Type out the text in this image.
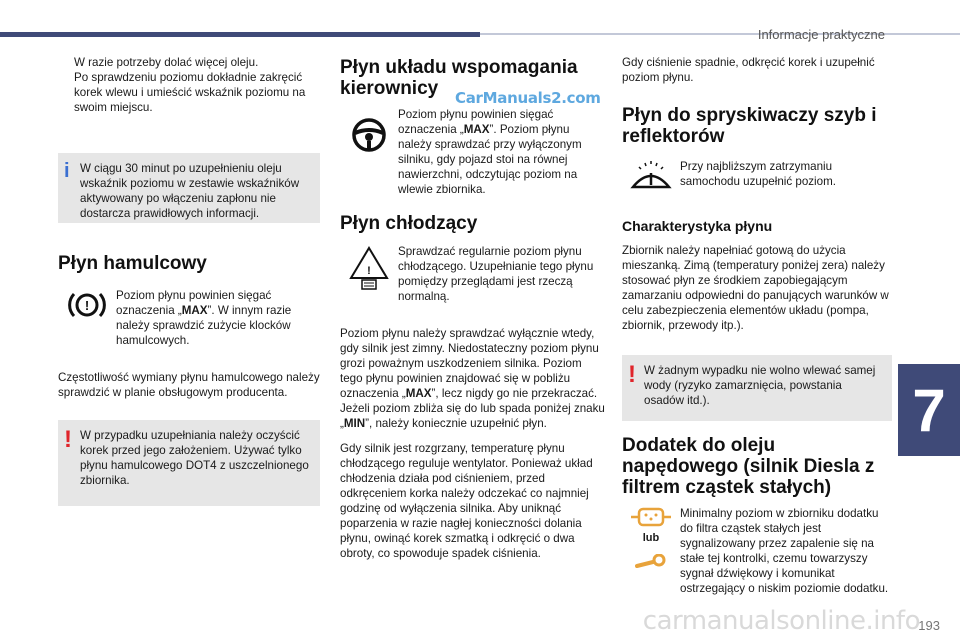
Informacje praktyczne
W razie potrzeby dolać więcej oleju.
Po sprawdzeniu poziomu dokładnie zakręcić korek wlewu i umieścić wskaźnik poziomu na swoim miejscu.
i W ciągu 30 minut po uzupełnieniu oleju wskaźnik poziomu w zestawie wskaźników aktywowany po włączeniu zapłonu nie dostarcza prawidłowych informacji.
Płyn hamulcowy
!
Poziom płynu powinien sięgać oznaczenia „MAX”. W innym razie należy sprawdzić zużycie klocków hamulcowych.
Częstotliwość wymiany płynu hamulcowego należy sprawdzić w planie obsługowym producenta.
! W przypadku uzupełniania należy oczyścić korek przed jego założeniem. Używać tylko płynu hamulcowego DOT4 z uszczelnionego zbiornika.
Płyn układu wspomagania kierownicy
Poziom płynu powinien sięgać oznaczenia „MAX”. Poziom płynu należy sprawdzać przy wyłączonym silniku, gdy pojazd stoi na równej nawierzchni, odczytując poziom na wlewie zbiornika.
Płyn chłodzący
!
Sprawdzać regularnie poziom płynu chłodzącego. Uzupełnianie tego płynu pomiędzy przeglądami jest rzeczą normalną.
Poziom płynu należy sprawdzać wyłącznie wtedy, gdy silnik jest zimny. Niedostateczny poziom płynu grozi poważnym uszkodzeniem silnika. Poziom tego płynu powinien znajdować się w pobliżu oznaczenia „MAX”, lecz nigdy go nie przekraczać. Jeżeli poziom zbliża się do lub spada poniżej znaku „MIN”, należy koniecznie uzupełnić płyn.
Gdy silnik jest rozgrzany, temperaturę płynu chłodzącego reguluje wentylator. Ponieważ układ chłodzenia działa pod ciśnieniem, przed odkręceniem korka należy odczekać co najmniej godzinę od wyłączenia silnika. Aby uniknąć poparzenia w razie nagłej konieczności dolania płynu, owinąć korek szmatką i odkręcić o dwa obroty, co spowoduje spadek ciśnienia.
Gdy ciśnienie spadnie, odkręcić korek i uzupełnić poziom płynu.
Płyn do spryskiwaczy szyb i reflektorów
Przy najbliższym zatrzymaniu samochodu uzupełnić poziom.
Charakterystyka płynu
Zbiornik należy napełniać gotową do użycia mieszanką. Zimą (temperatury poniżej zera) należy stosować płyn ze środkiem zapobiegającym zamarzaniu odpowiedni do panujących warunków w celu zabezpieczenia elementów układu (pompa, zbiornik, przewody itp.).
! W żadnym wypadku nie wolno wlewać samej wody (ryzyko zamarznięcia, powstania osadów itd.).
Dodatek do oleju napędowego (silnik Diesla z filtrem cząstek stałych)
lub
Minimalny poziom w zbiorniku dodatku do filtra cząstek stałych jest sygnalizowany przez zapalenie się na stałe tej kontrolki, czemu towarzyszy sygnał dźwiękowy i komunikat ostrzegający o niskim poziomie dodatku.
CarManuals2.com
7
carmanualsonline.info
193
